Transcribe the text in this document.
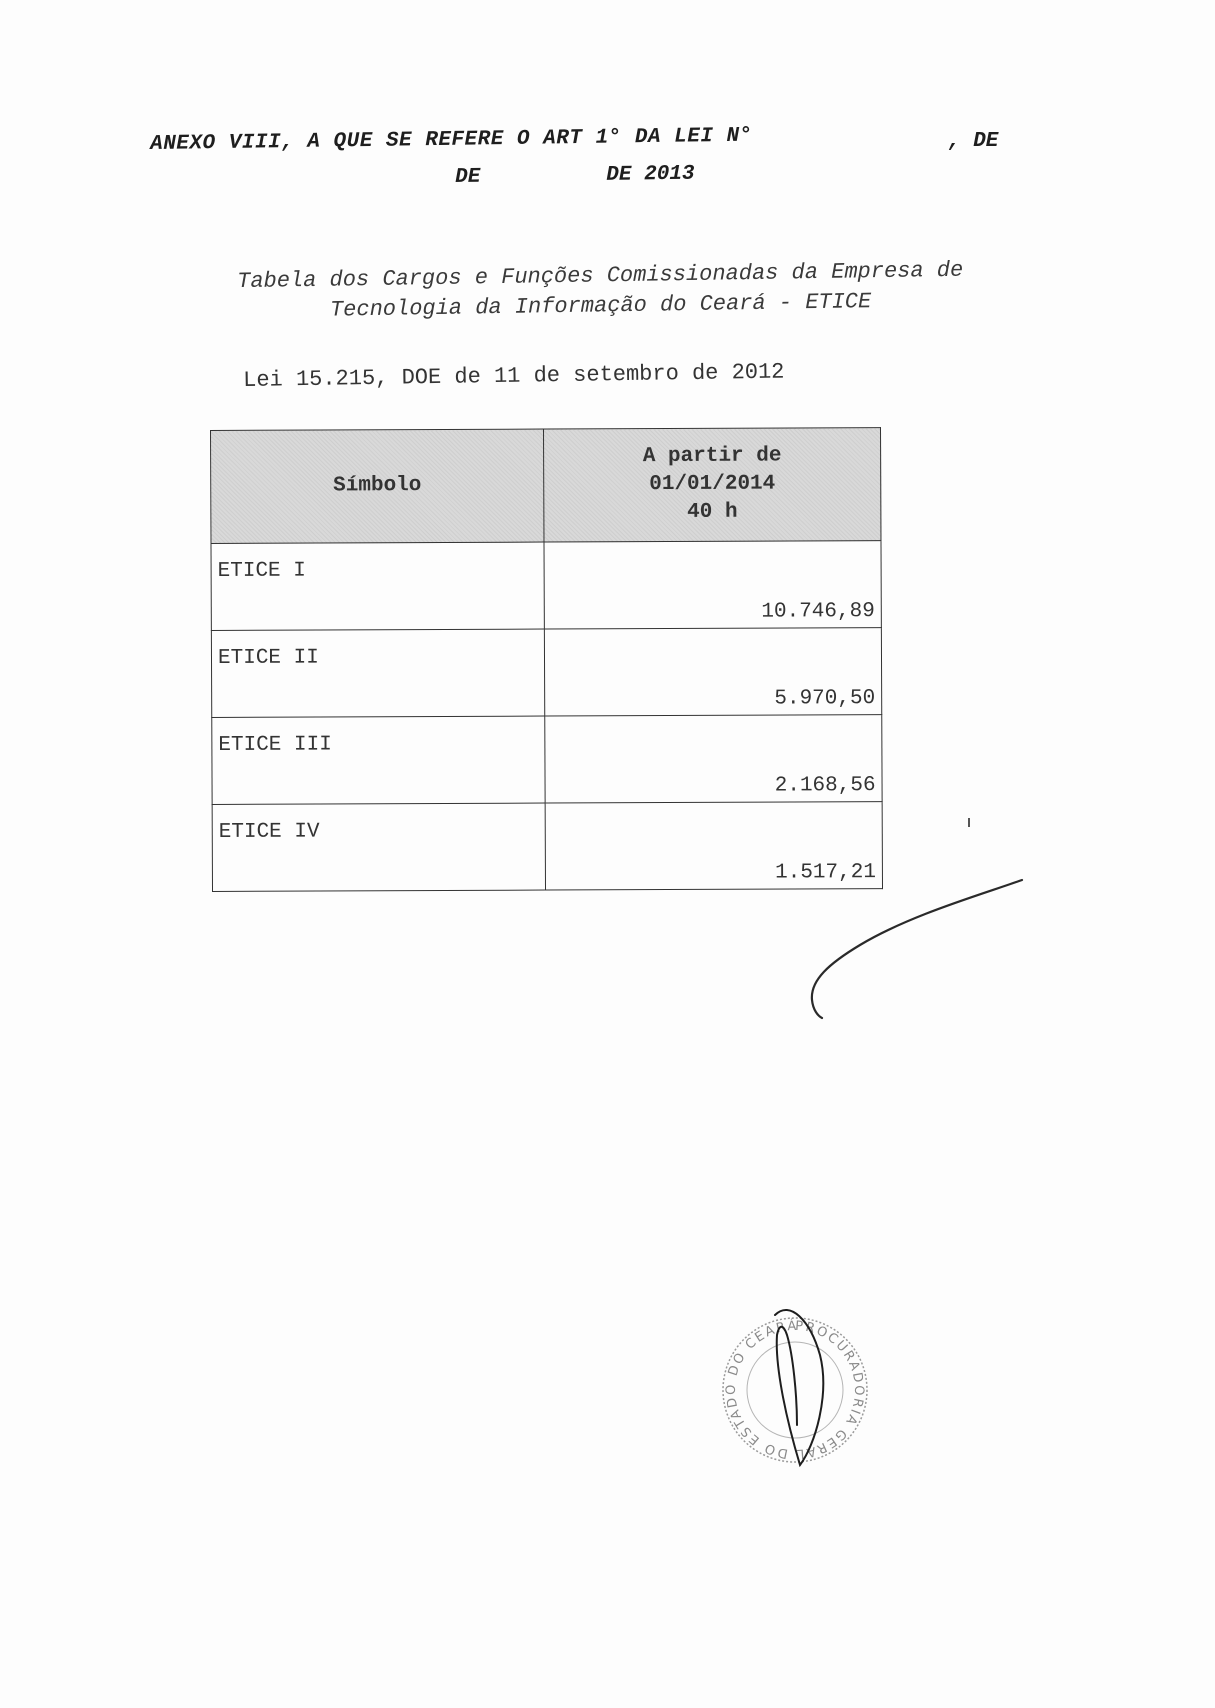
ANEXO VIII, A QUE SE REFERE O ART 1° DA LEI N°	, DE
DE          DE 2013
Tabela dos Cargos e Funções Comissionadas da Empresa de
Tecnologia da Informação do Ceará - ETICE
Lei 15.215, DOE de 11 de setembro de 2012
Símbolo	A partir de
01/01/2014
40 h

ETICE I	10.746,89
ETICE II	5.970,50
ETICE III	2.168,56
ETICE IV	1.517,21
PROCURADORIA GERAL DO ESTADO DO CEARÁ
